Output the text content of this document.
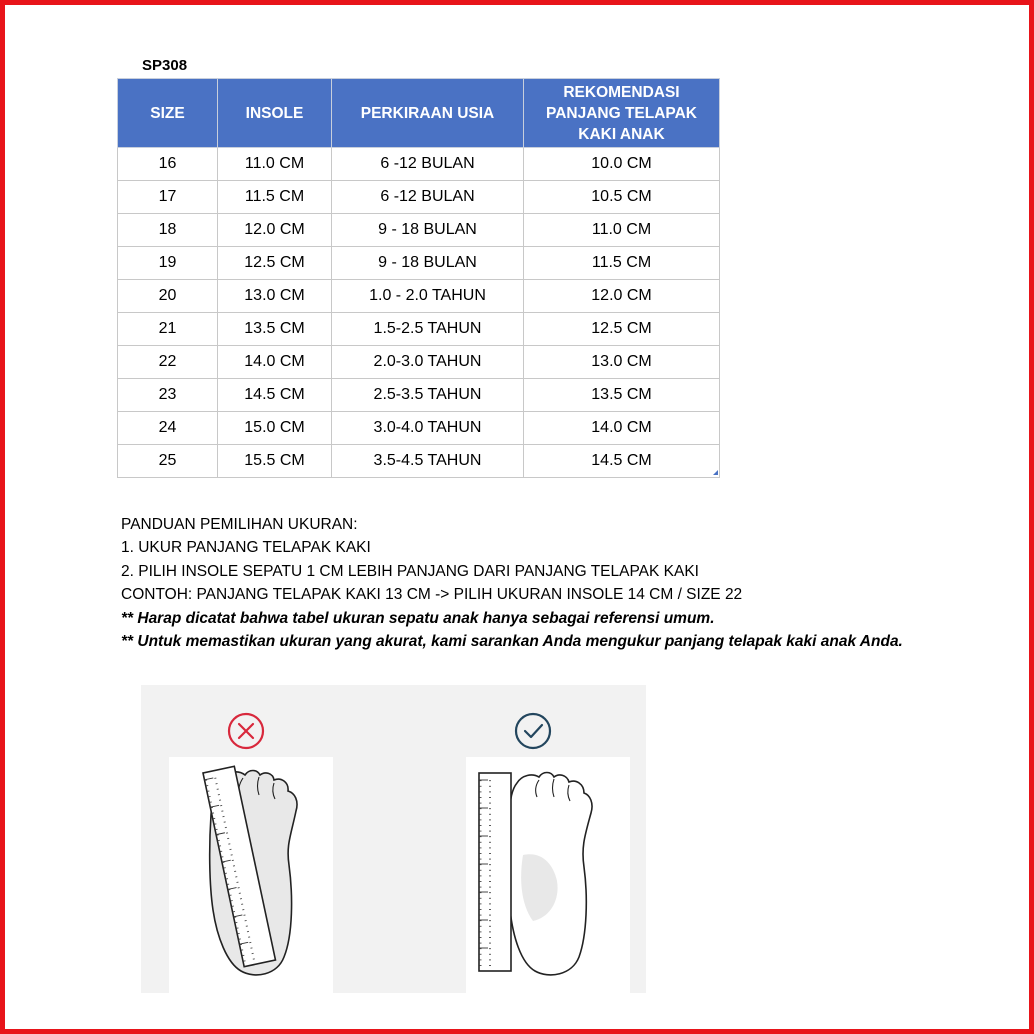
SP308
SIZE	INSOLE	PERKIRAAN USIA	REKOMENDASI PANJANG TELAPAK KAKI ANAK
16	11.0 CM	6 -12 BULAN	10.0 CM
17	11.5 CM	6 -12 BULAN	10.5 CM
18	12.0 CM	9 - 18 BULAN	11.0 CM
19	12.5 CM	9 - 18 BULAN	11.5 CM
20	13.0 CM	1.0 - 2.0 TAHUN	12.0 CM
21	13.5 CM	1.5-2.5 TAHUN	12.5 CM
22	14.0 CM	2.0-3.0 TAHUN	13.0 CM
23	14.5 CM	2.5-3.5 TAHUN	13.5 CM
24	15.0 CM	3.0-4.0 TAHUN	14.0 CM
25	15.5 CM	3.5-4.5 TAHUN	14.5 CM

PANDUAN PEMILIHAN UKURAN:

1. UKUR PANJANG TELAPAK KAKI

2. PILIH INSOLE SEPATU 1 CM LEBIH PANJANG DARI PANJANG TELAPAK KAKI

CONTOH: PANJANG TELAPAK KAKI 13 CM -> PILIH UKURAN INSOLE 14 CM / SIZE 22

** Harap dicatat bahwa tabel ukuran sepatu anak hanya sebagai referensi umum.

** Untuk memastikan ukuran yang akurat, kami sarankan Anda mengukur panjang telapak kaki anak Anda.
